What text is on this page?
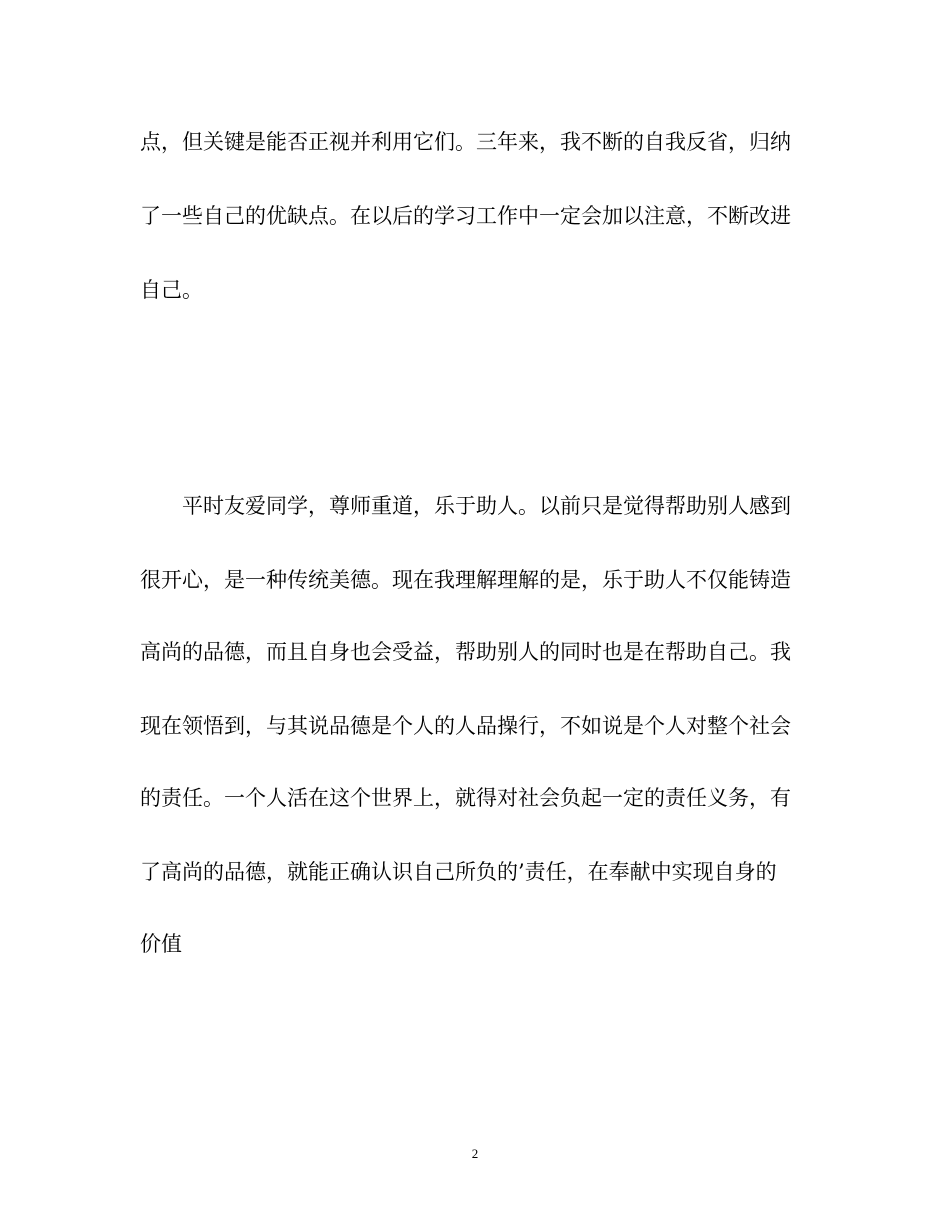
点，但关键是能否正视并利用它们。三年来，我不断的自我反省，归纳

了一些自己的优缺点。在以后的学习工作中一定会加以注意，不断改进

自己。

平时友爱同学，尊师重道，乐于助人。以前只是觉得帮助别人感到

很开心，是一种传统美德。现在我理解理解的是，乐于助人不仅能铸造

高尚的品德，而且自身也会受益，帮助别人的同时也是在帮助自己。我

现在领悟到，与其说品德是个人的人品操行，不如说是个人对整个社会

的责任。一个人活在这个世界上，就得对社会负起一定的责任义务，有

了高尚的品德，就能正确认识自己所负的’责任，在奉献中实现自身的

价值

2
